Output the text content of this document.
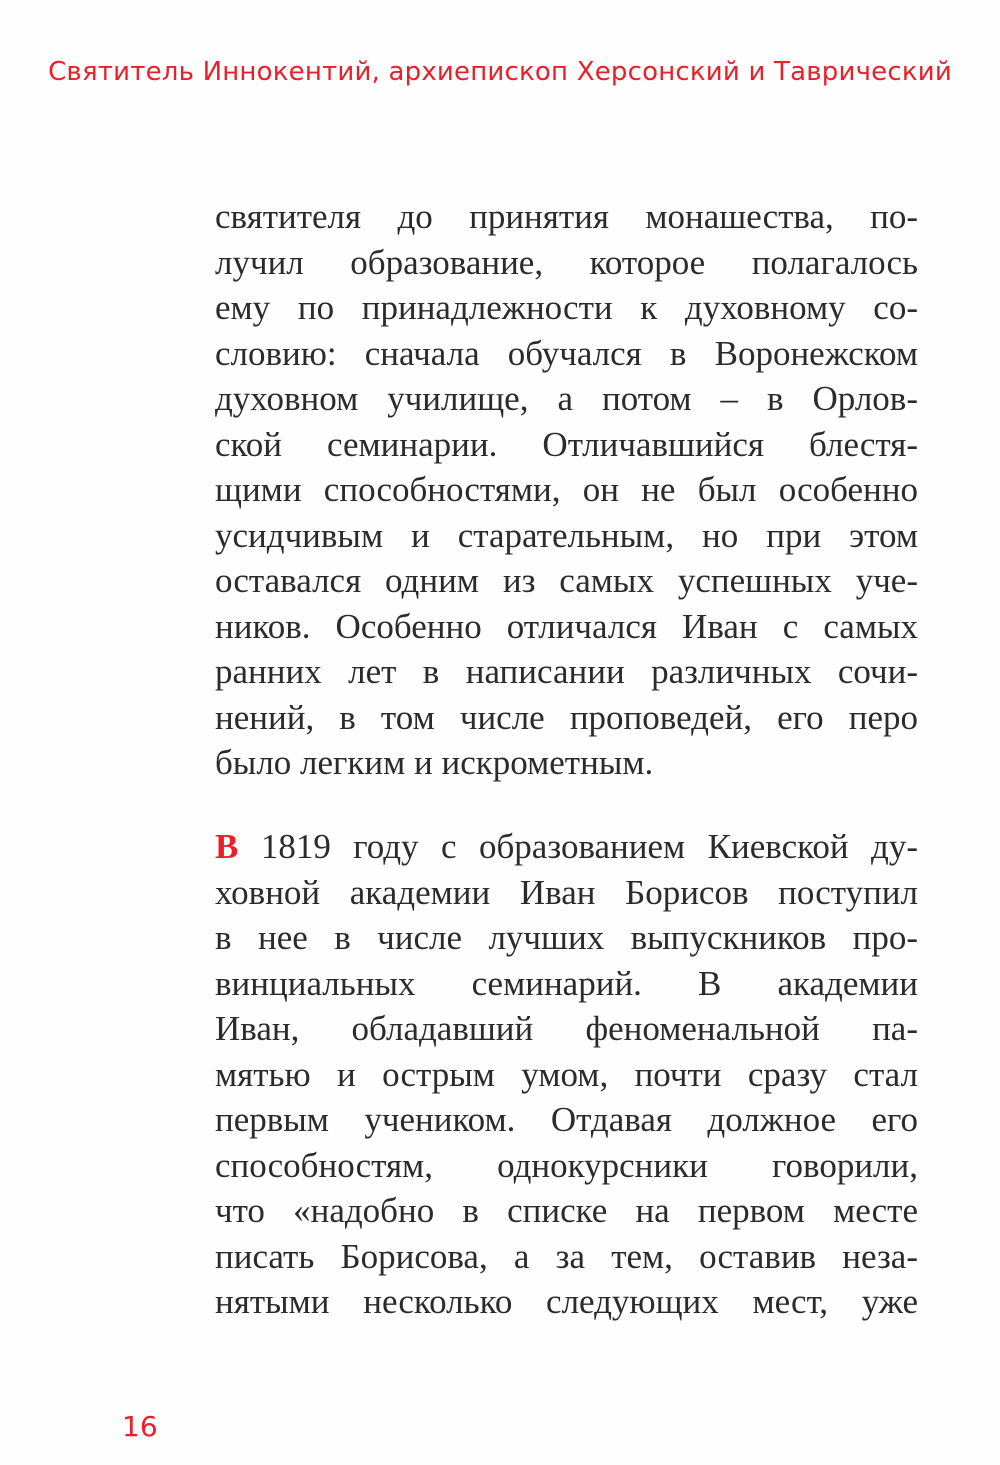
Святитель Иннокентий, архиепископ Херсонский и Таврический
святителя до принятия монашества, по-
лучил образование, которое полагалось
ему по принадлежности к духовному со-
словию: сначала обучался в Воронежском
духовном училище, а потом – в Орлов-
ской семинарии. Отличавшийся блестя-
щими способностями, он не был особенно
усидчивым и старательным, но при этом
оставался одним из самых успешных уче-
ников. Особенно отличался Иван с самых
ранних лет в написании различных сочи-
нений, в том числе проповедей, его перо
было легким и искрометным.
В 1819 году с образованием Киевской ду-
ховной академии Иван Борисов поступил
в нее в числе лучших выпускников про-
винциальных семинарий. В академии
Иван, обладавший феноменальной па-
мятью и острым умом, почти сразу стал
первым учеником. Отдавая должное его
способностям, однокурсники говорили,
что «надобно в списке на первом месте
писать Борисова, а за тем, оставив неза-
нятыми несколько следующих мест, уже
16
